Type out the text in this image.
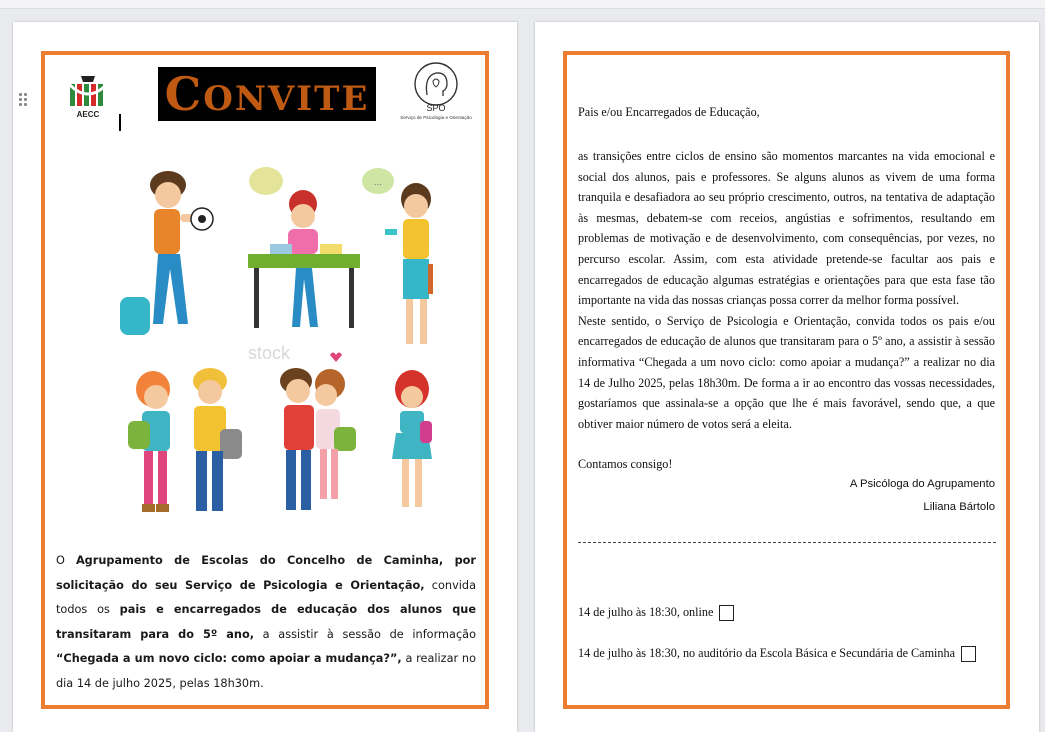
AECC CONVITE	SPO
Serviço de Psicologia e Orientação
...
stock
O Agrupamento de Escolas do Concelho de Caminha, por solicitação do seu Serviço de Psicologia e Orientação, convida todos os pais e encarregados de educação dos alunos que transitaram para do 5º ano, a assistir à sessão de informação “Chegada a um novo ciclo: como apoiar a mudança?”, a realizar no dia 14 de julho 2025, pelas 18h30m.
Pais e/ou Encarregados de Educação,

as transições entre ciclos de ensino são momentos marcantes na vida emocional e social dos alunos, pais e professores. Se alguns alunos as vivem de uma forma tranquila e desafiadora ao seu próprio crescimento, outros, na tentativa de adaptação às mesmas, debatem-se com receios, angústias e sofrimentos, resultando em problemas de motivação e de desenvolvimento, com consequências, por vezes, no percurso escolar. Assim, com esta atividade pretende-se facultar aos pais e encarregados de educação algumas estratégias e orientações para que esta fase tão importante na vida das nossas crianças possa correr da melhor forma possível.

Neste sentido, o Serviço de Psicologia e Orientação, convida todos os pais e/ou encarregados de educação de alunos que transitaram para o 5º ano, a assistir à sessão informativa “Chegada a um novo ciclo: como apoiar a mudança?” a realizar no dia 14 de Julho 2025, pelas 18h30m. De forma a ir ao encontro das vossas necessidades, gostaríamos que assinala-se a opção que lhe é mais favorável, sendo que, a que obtiver maior número de votos será a eleita.

Contamos consigo!
A Psicóloga do Agrupamento
Liliana Bártolo
14 de julho às 18:30, online
14 de julho às 18:30, no auditório da Escola Básica e Secundária de Caminha
